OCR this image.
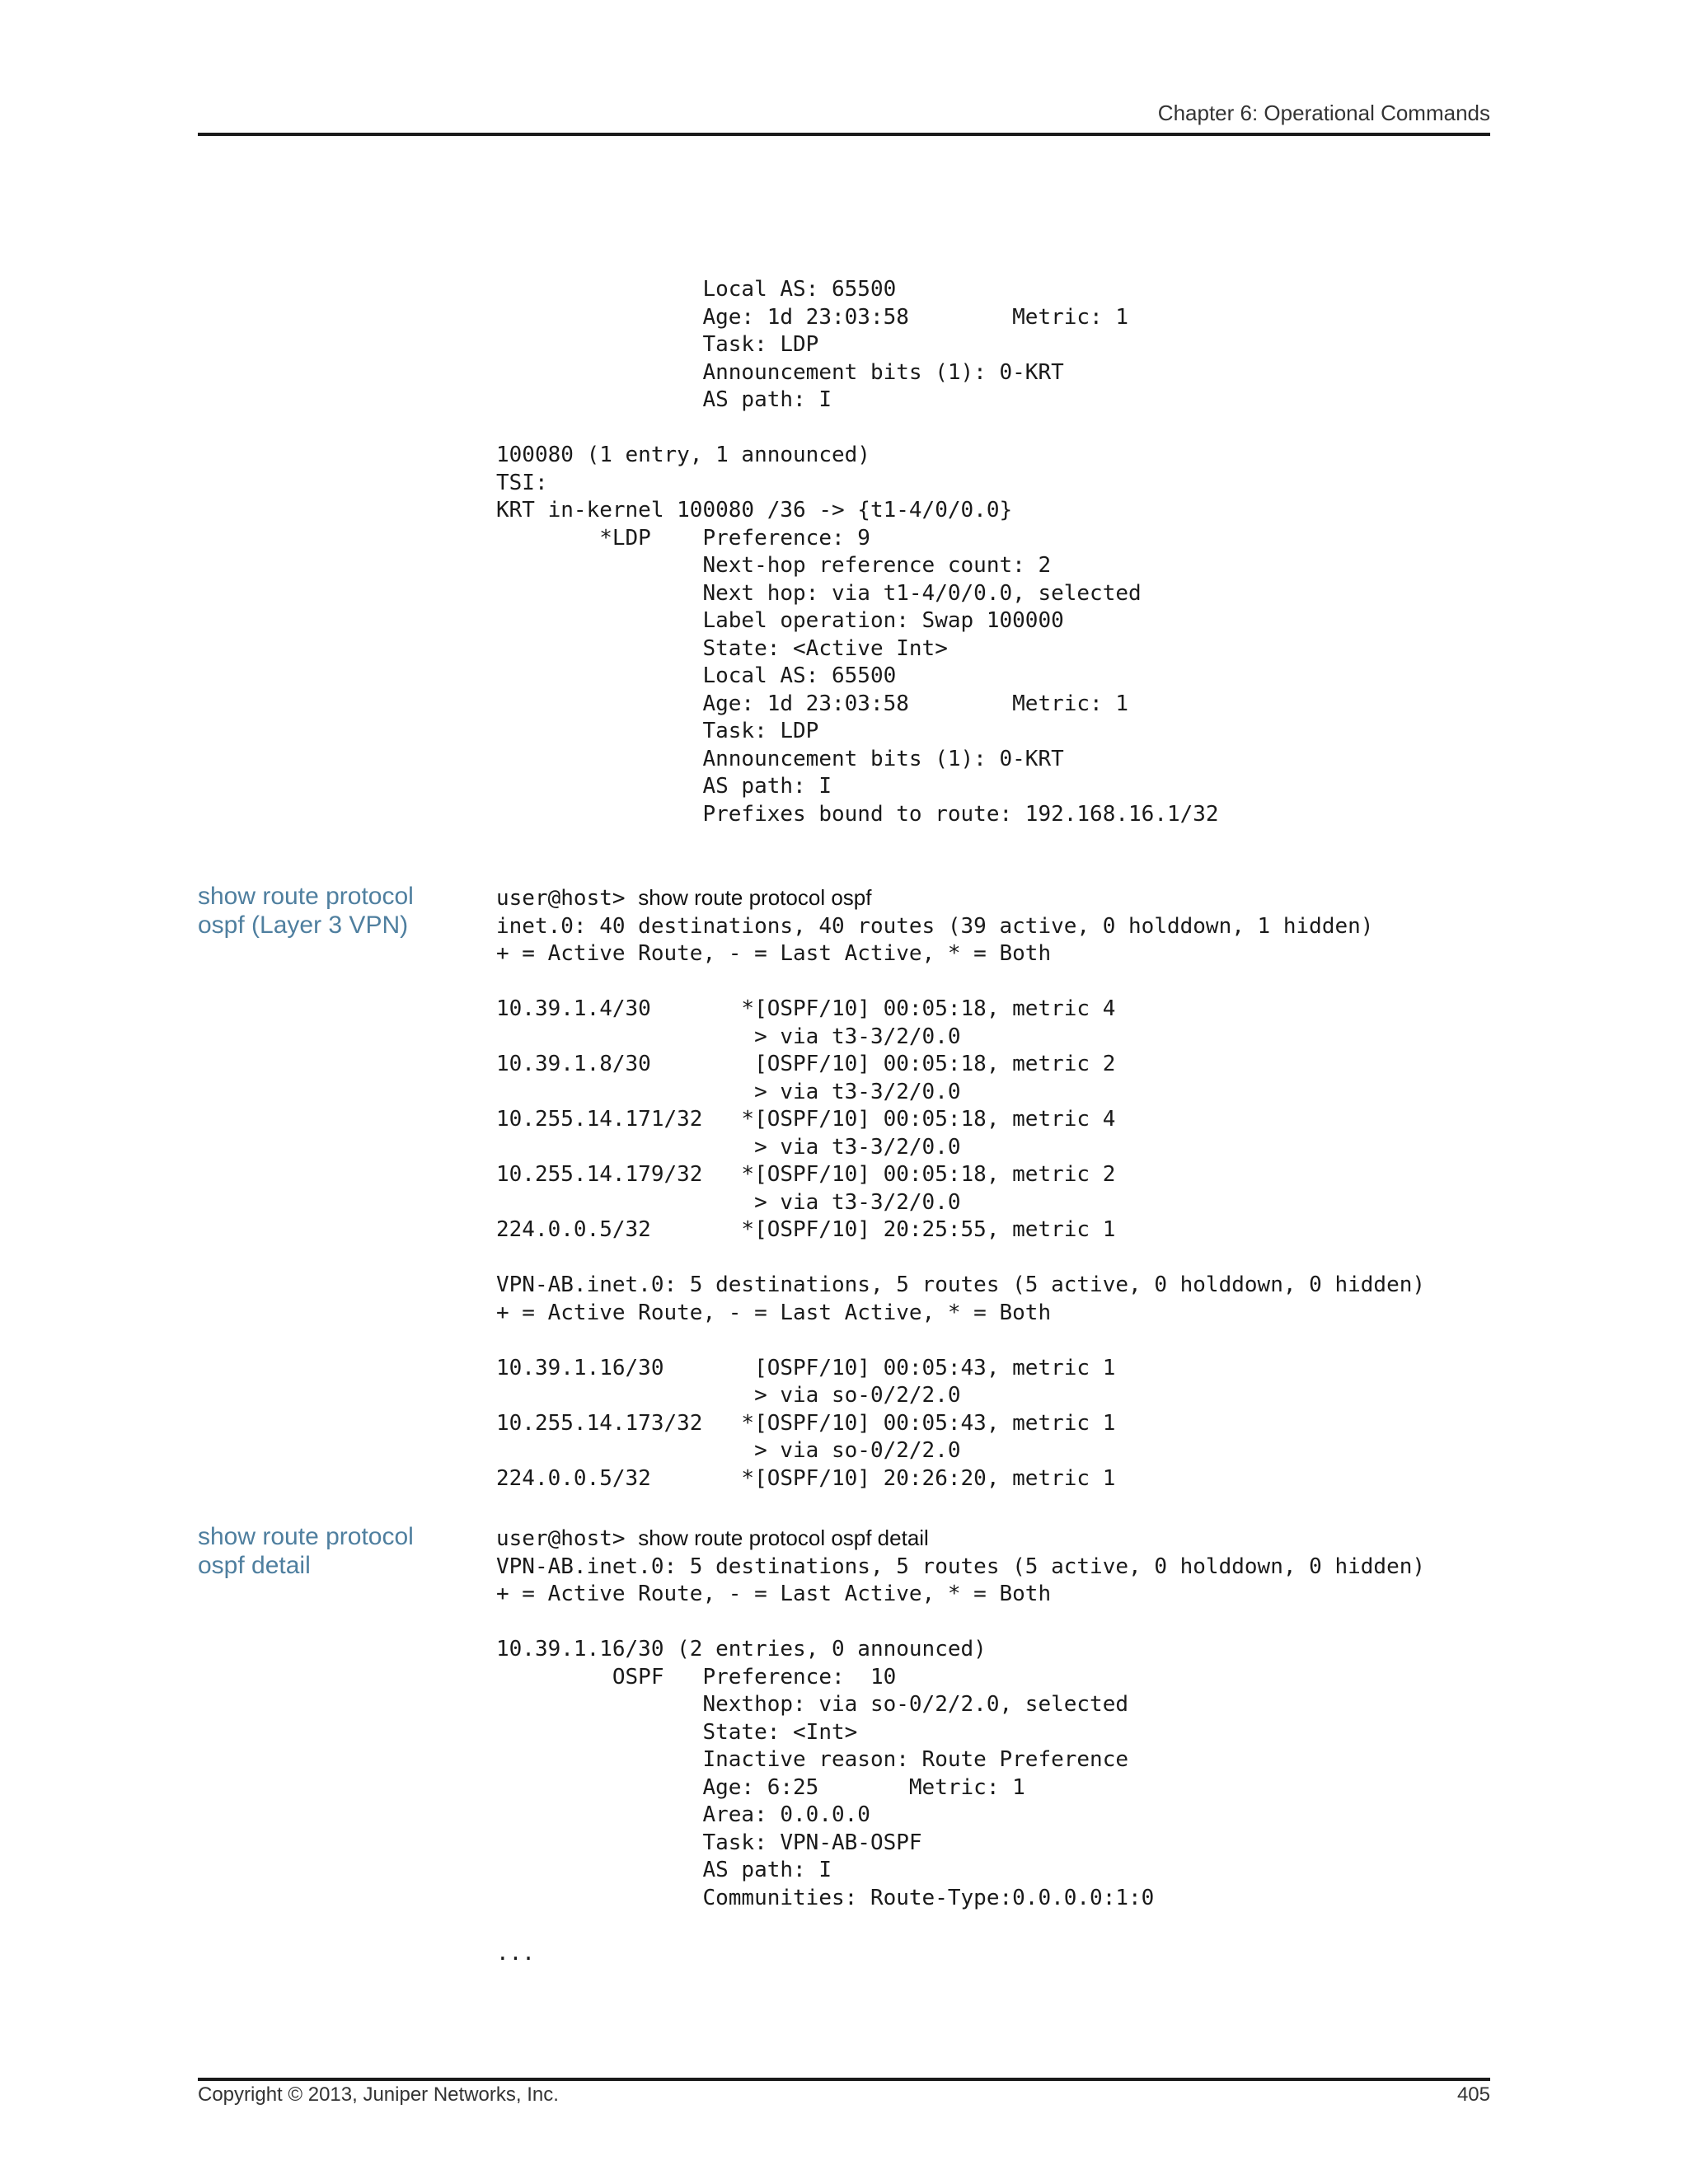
Chapter 6: Operational Commands
Local AS: 65500
Age: 1d 23:03:58        Metric: 1
Task: LDP
Announcement bits (1): 0-KRT
AS path: I

100080 (1 entry, 1 announced)
TSI:
KRT in-kernel 100080 /36 -> {t1-4/0/0.0}
*LDP    Preference: 9
Next-hop reference count: 2
Next hop: via t1-4/0/0.0, selected
Label operation: Swap 100000
State: <Active Int>
Local AS: 65500
Age: 1d 23:03:58        Metric: 1
Task: LDP
Announcement bits (1): 0-KRT
AS path: I
Prefixes bound to route: 192.168.16.1/32
show route protocol
ospf (Layer 3 VPN)
user@host> show route protocol ospf
inet.0: 40 destinations, 40 routes (39 active, 0 holddown, 1 hidden)
+ = Active Route, - = Last Active, * = Both

10.39.1.4/30       *[OSPF/10] 00:05:18, metric 4
> via t3-3/2/0.0
10.39.1.8/30        [OSPF/10] 00:05:18, metric 2
> via t3-3/2/0.0
10.255.14.171/32   *[OSPF/10] 00:05:18, metric 4
> via t3-3/2/0.0
10.255.14.179/32   *[OSPF/10] 00:05:18, metric 2
> via t3-3/2/0.0
224.0.0.5/32       *[OSPF/10] 20:25:55, metric 1

VPN-AB.inet.0: 5 destinations, 5 routes (5 active, 0 holddown, 0 hidden)
+ = Active Route, - = Last Active, * = Both

10.39.1.16/30       [OSPF/10] 00:05:43, metric 1
> via so-0/2/2.0
10.255.14.173/32   *[OSPF/10] 00:05:43, metric 1
> via so-0/2/2.0
224.0.0.5/32       *[OSPF/10] 20:26:20, metric 1
show route protocol
ospf detail
user@host> show route protocol ospf detail
VPN-AB.inet.0: 5 destinations, 5 routes (5 active, 0 holddown, 0 hidden)
+ = Active Route, - = Last Active, * = Both

10.39.1.16/30 (2 entries, 0 announced)
OSPF   Preference:  10
Nexthop: via so-0/2/2.0, selected
State: <Int>
Inactive reason: Route Preference
Age: 6:25       Metric: 1
Area: 0.0.0.0
Task: VPN-AB-OSPF
AS path: I
Communities: Route-Type:0.0.0.0:1:0

...
Copyright © 2013, Juniper Networks, Inc.	405
